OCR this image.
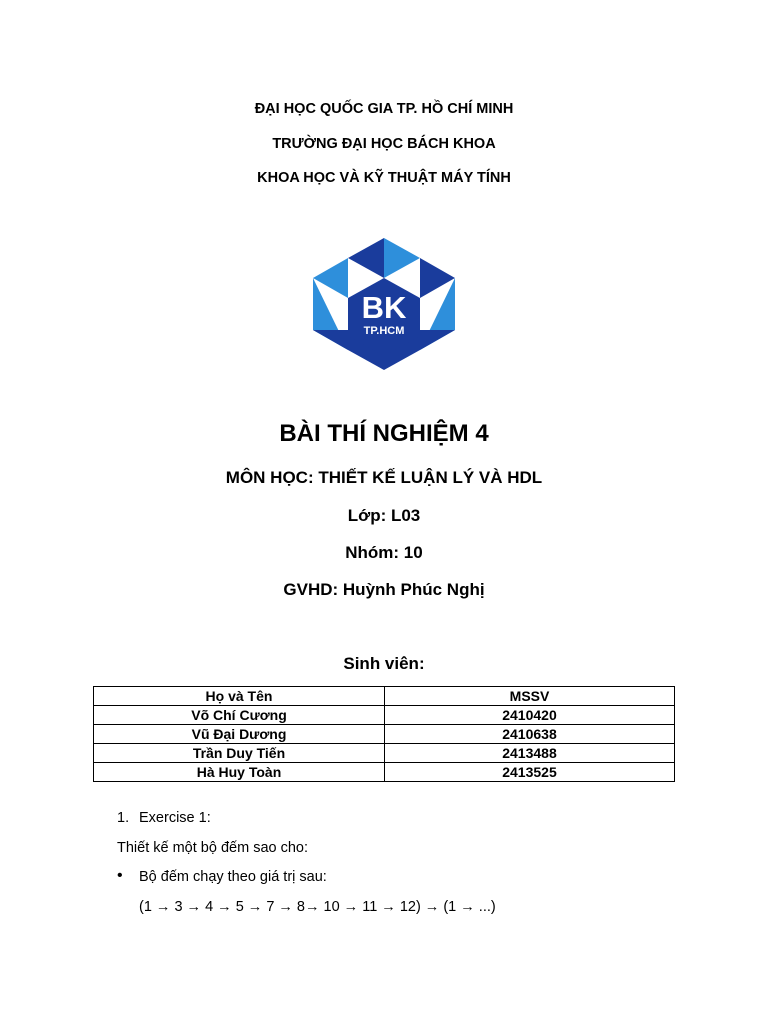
ĐẠI HỌC QUỐC GIA TP. HỒ CHÍ MINH
TRƯỜNG ĐẠI HỌC BÁCH KHOA
KHOA HỌC VÀ KỸ THUẬT MÁY TÍNH
BK
TP.HCM
BÀI THÍ NGHIỆM 4
MÔN HỌC: THIẾT KẾ LUẬN LÝ VÀ HDL
Lớp: L03
Nhóm: 10
GVHD: Huỳnh Phúc Nghị
Sinh viên:
Họ và Tên	MSSV
Võ Chí Cương	2410420
Vũ Đại Dương	2410638
Trần Duy Tiến	2413488
Hà Huy Toàn	2413525
1. Exercise 1:
Thiết kế một bộ đếm sao cho:
• Bộ đếm chạy theo giá trị sau:
(1 → 3 → 4 → 5 → 7 → 8→ 10 → 11 → 12) → (1 → ...)
